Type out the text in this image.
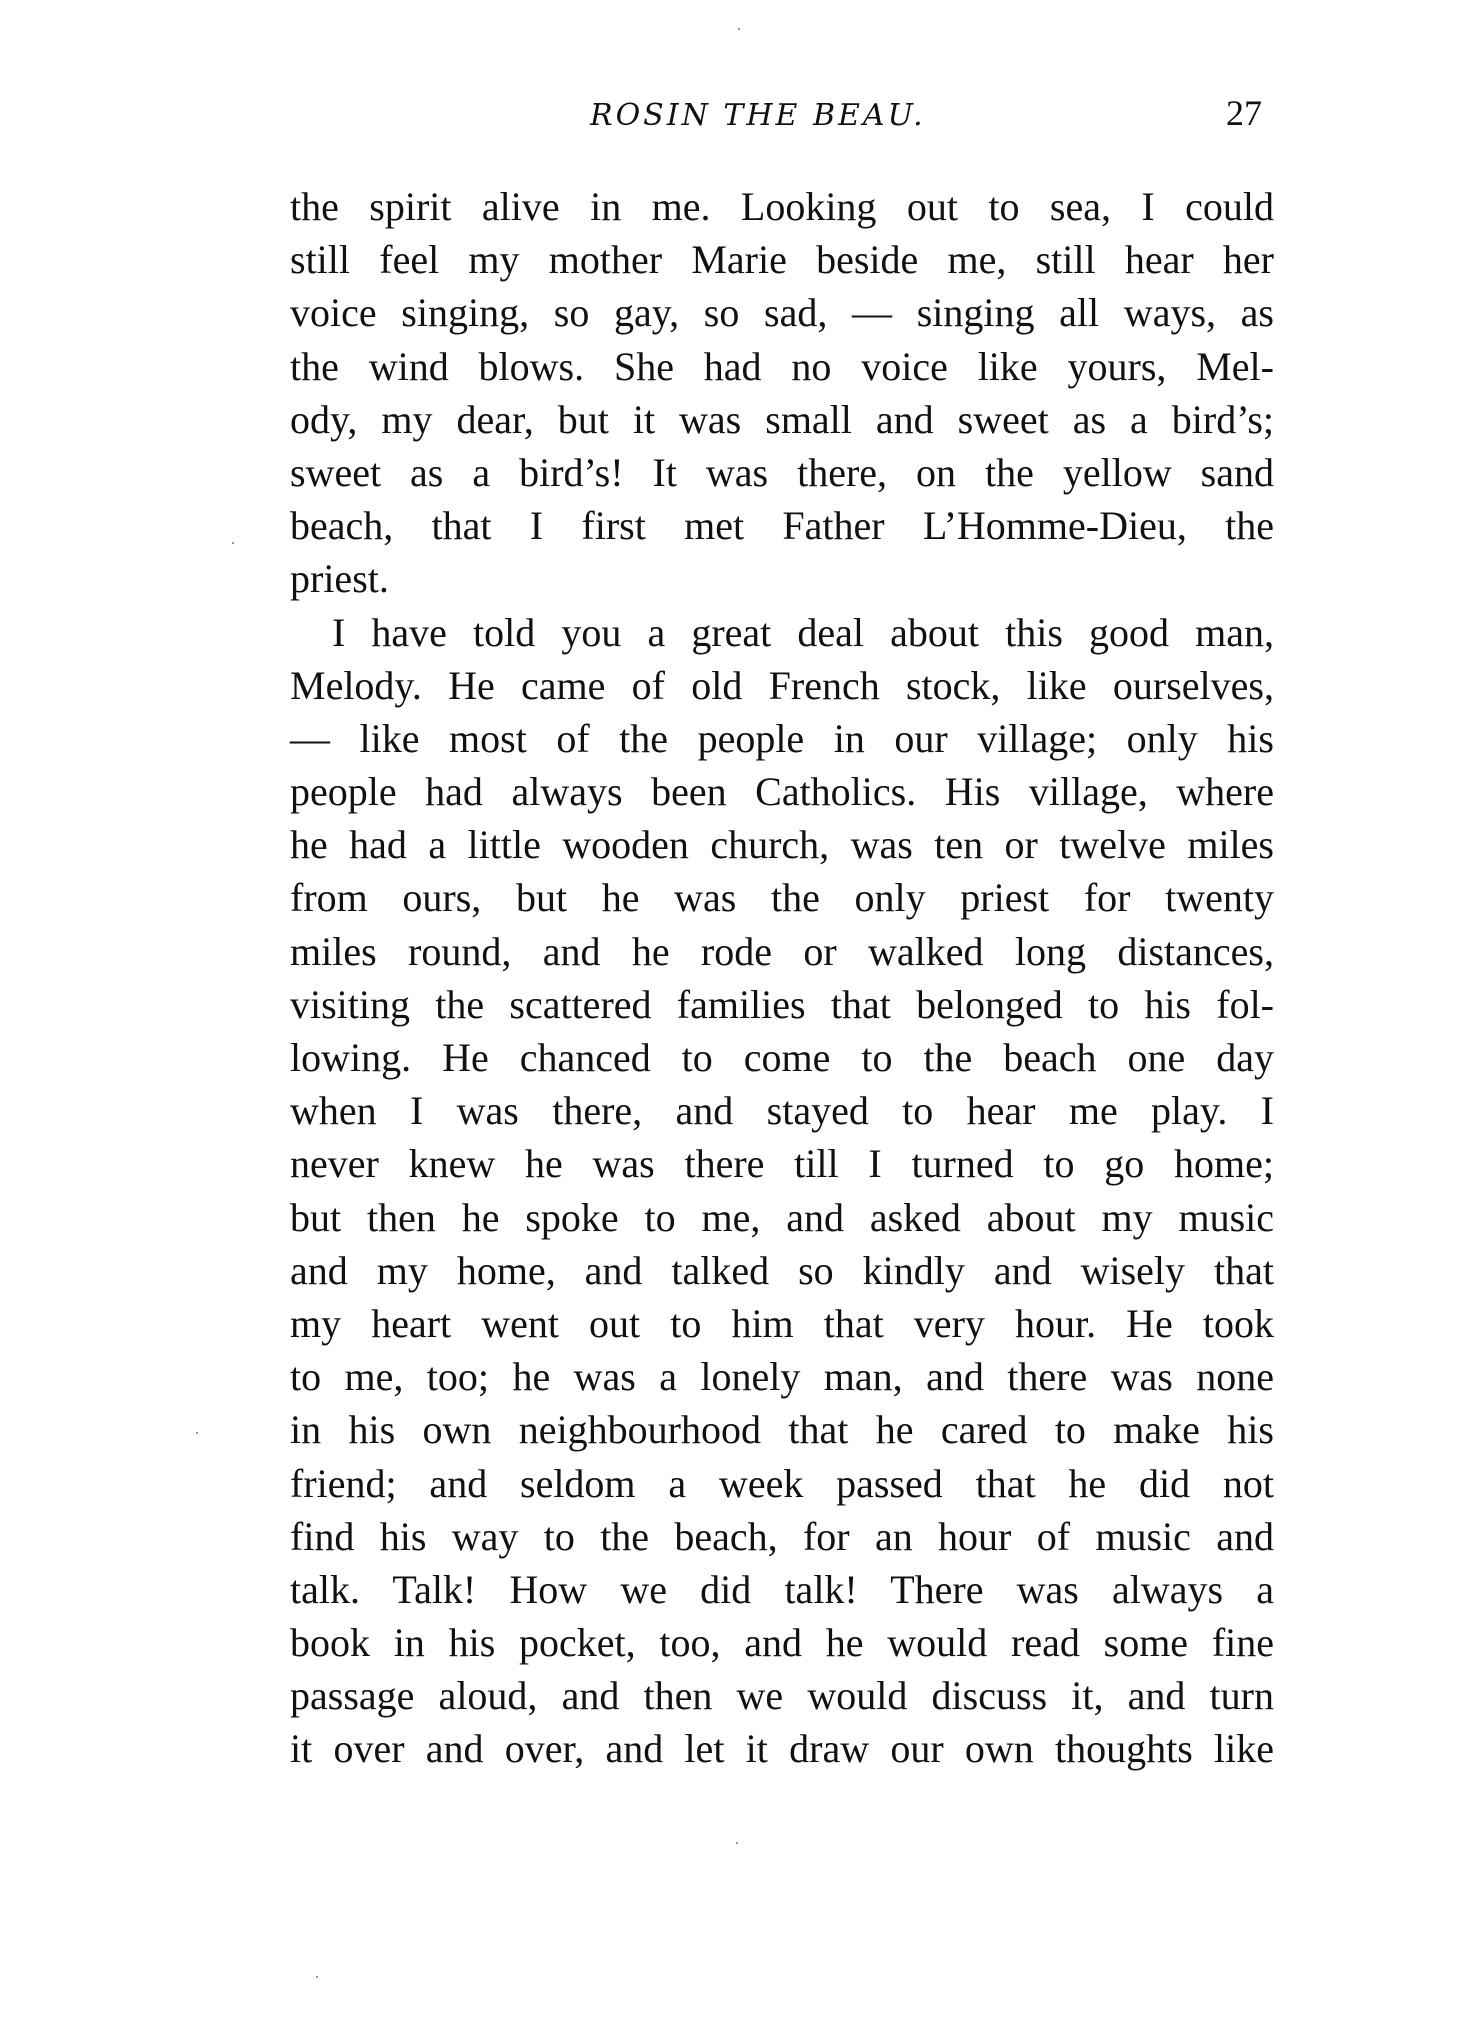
ROSIN THE BEAU.	27
the spirit alive in me. Looking out to sea, I could
still feel my mother Marie beside me, still hear her
voice singing, so gay, so sad, — singing all ways, as
the wind blows. She had no voice like yours, Mel-
ody, my dear, but it was small and sweet as a bird’s;
sweet as a bird’s! It was there, on the yellow sand
beach, that I first met Father L’Homme-Dieu, the
priest.
I have told you a great deal about this good man,
Melody. He came of old French stock, like ourselves,
— like most of the people in our village; only his
people had always been Catholics. His village, where
he had a little wooden church, was ten or twelve miles
from ours, but he was the only priest for twenty
miles round, and he rode or walked long distances,
visiting the scattered families that belonged to his fol-
lowing. He chanced to come to the beach one day
when I was there, and stayed to hear me play. I
never knew he was there till I turned to go home;
but then he spoke to me, and asked about my music
and my home, and talked so kindly and wisely that
my heart went out to him that very hour. He took
to me, too; he was a lonely man, and there was none
in his own neighbourhood that he cared to make his
friend; and seldom a week passed that he did not
find his way to the beach, for an hour of music and
talk. Talk! How we did talk! There was always a
book in his pocket, too, and he would read some fine
passage aloud, and then we would discuss it, and turn
it over and over, and let it draw our own thoughts like
